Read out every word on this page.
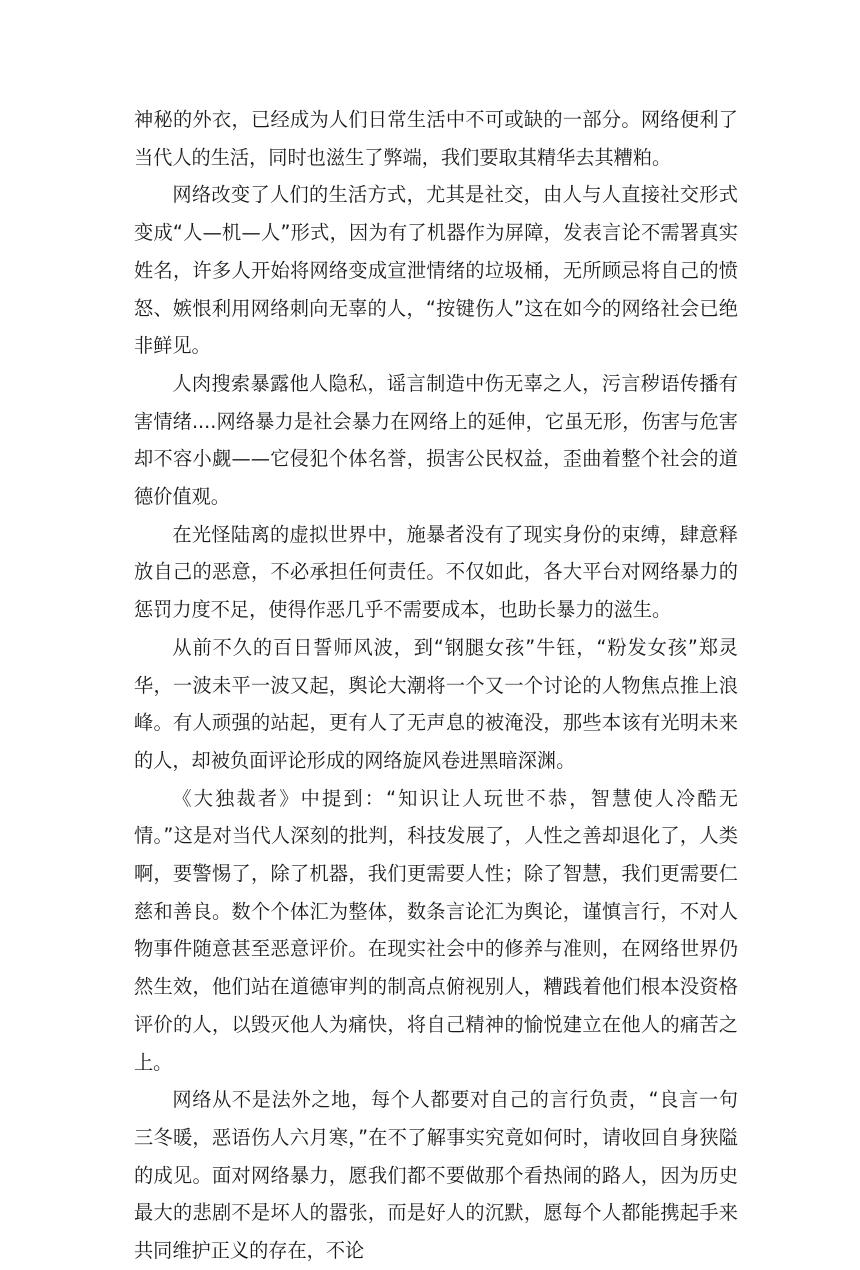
神秘的外衣，已经成为人们日常生活中不可或缺的一部分。网络便利了当代人的生活，同时也滋生了弊端，我们要取其精华去其糟粕。

网络改变了人们的生活方式，尤其是社交，由人与人直接社交形式变成“人—机—人”形式，因为有了机器作为屏障，发表言论不需署真实姓名，许多人开始将网络变成宣泄情绪的垃圾桶，无所顾忌将自己的愤怒、嫉恨利用网络刺向无辜的人，“按键伤人”这在如今的网络社会已绝非鲜见。

人肉搜索暴露他人隐私，谣言制造中伤无辜之人，污言秽语传播有害情绪....网络暴力是社会暴力在网络上的延伸，它虽无形，伤害与危害却不容小觑——它侵犯个体名誉，损害公民权益，歪曲着整个社会的道德价值观。

在光怪陆离的虚拟世界中，施暴者没有了现实身份的束缚，肆意释放自己的恶意，不必承担任何责任。不仅如此，各大平台对网络暴力的惩罚力度不足，使得作恶几乎不需要成本，也助长暴力的滋生。

从前不久的百日誓师风波，到“钢腿女孩”牛钰，“粉发女孩”郑灵华，一波未平一波又起，舆论大潮将一个又一个讨论的人物焦点推上浪峰。有人顽强的站起，更有人了无声息的被淹没，那些本该有光明未来的人，却被负面评论形成的网络旋风卷进黑暗深渊。

《大独裁者》中提到：“知识让人玩世不恭，智慧使人冷酷无情。”这是对当代人深刻的批判，科技发展了，人性之善却退化了，人类啊，要警惕了，除了机器，我们更需要人性；除了智慧，我们更需要仁慈和善良。数个个体汇为整体，数条言论汇为舆论，谨慎言行，不对人物事件随意甚至恶意评价。在现实社会中的修养与准则，在网络世界仍然生效，他们站在道德审判的制高点俯视别人，糟践着他们根本没资格评价的人，以毁灭他人为痛快，将自己精神的愉悦建立在他人的痛苦之上。

网络从不是法外之地，每个人都要对自己的言行负责，“良言一句三冬暖，恶语伤人六月寒，”在不了解事实究竟如何时，请收回自身狭隘的成见。面对网络暴力，愿我们都不要做那个看热闹的路人，因为历史最大的悲剧不是坏人的嚣张，而是好人的沉默，愿每个人都能携起手来共同维护正义的存在，不论
